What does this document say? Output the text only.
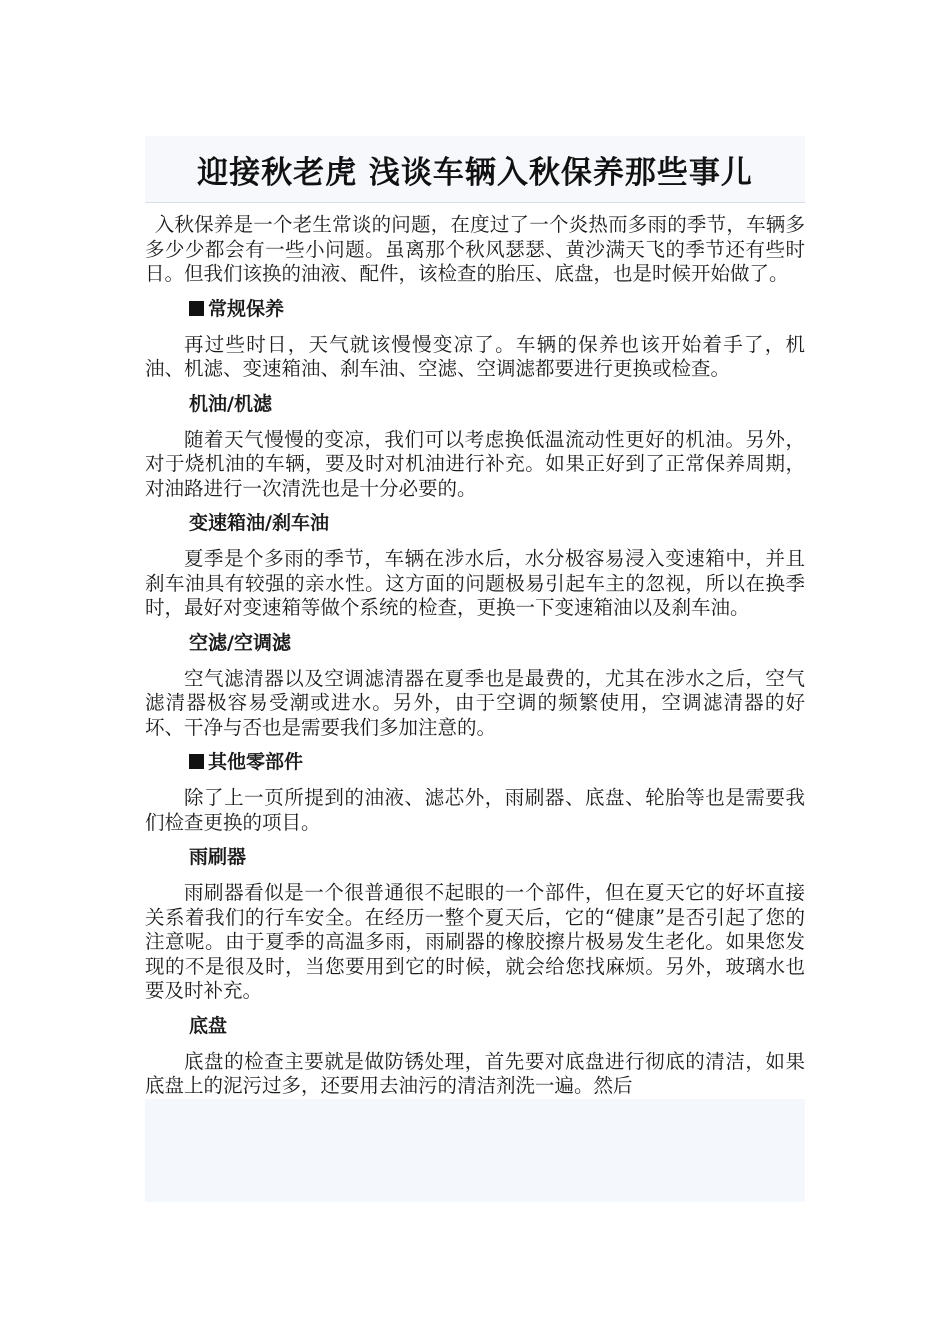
迎接秋老虎 浅谈车辆入秋保养那些事儿

入秋保养是一个老生常谈的问题，在度过了一个炎热而多雨的季节，车辆多多少少都会有一些小问题。虽离那个秋风瑟瑟、黄沙满天飞的季节还有些时日。但我们该换的油液、配件，该检查的胎压、底盘，也是时候开始做了。

常规保养

再过些时日，天气就该慢慢变凉了。车辆的保养也该开始着手了，机油、机滤、变速箱油、刹车油、空滤、空调滤都要进行更换或检查。

机油/机滤

随着天气慢慢的变凉，我们可以考虑换低温流动性更好的机油。另外，对于烧机油的车辆，要及时对机油进行补充。如果正好到了正常保养周期，对油路进行一次清洗也是十分必要的。

变速箱油/刹车油

夏季是个多雨的季节，车辆在涉水后，水分极容易浸入变速箱中，并且刹车油具有较强的亲水性。这方面的问题极易引起车主的忽视，所以在换季时，最好对变速箱等做个系统的检查，更换一下变速箱油以及刹车油。

空滤/空调滤

空气滤清器以及空调滤清器在夏季也是最费的，尤其在涉水之后，空气滤清器极容易受潮或进水。另外，由于空调的频繁使用，空调滤清器的好坏、干净与否也是需要我们多加注意的。

其他零部件

除了上一页所提到的油液、滤芯外，雨刷器、底盘、轮胎等也是需要我们检查更换的项目。

雨刷器

雨刷器看似是一个很普通很不起眼的一个部件，但在夏天它的好坏直接关系着我们的行车安全。在经历一整个夏天后，它的“健康”是否引起了您的注意呢。由于夏季的高温多雨，雨刷器的橡胶擦片极易发生老化。如果您发现的不是很及时，当您要用到它的时候，就会给您找麻烦。另外，玻璃水也要及时补充。

底盘

底盘的检查主要就是做防锈处理，首先要对底盘进行彻底的清洁，如果底盘上的泥污过多，还要用去油污的清洁剂洗一遍。然后
